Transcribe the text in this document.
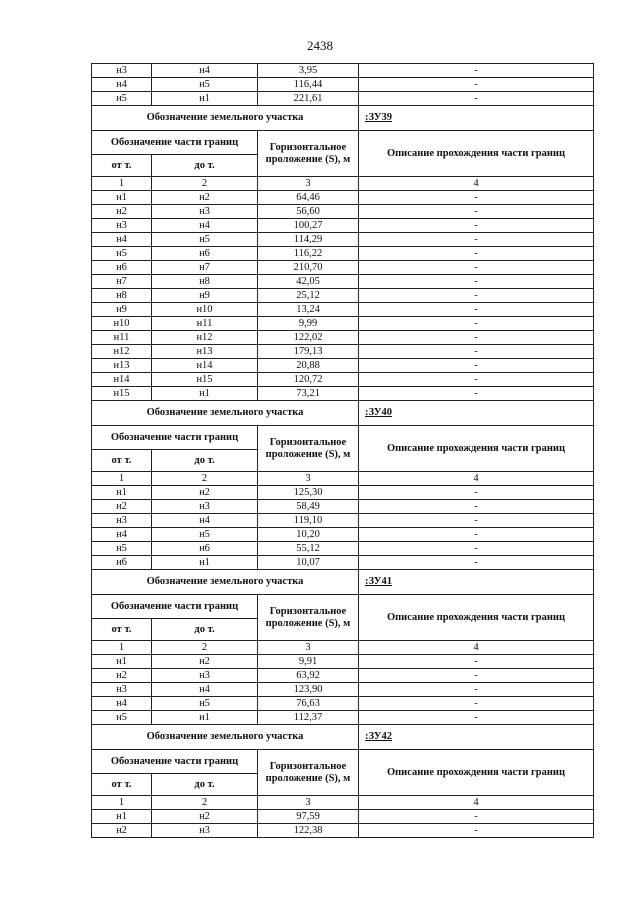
2438
н3	н4	3,95	-
н4	н5	116,44	-
н5	н1	221,61	-
Обозначение земельного участка			:ЗУ39
Обозначение части границ		Горизонтальное проложение (S), м	Описание прохождения части границ
от т.	до т.		
1	2	3	4
н1	н2	64,46	-
н2	н3	56,60	-
н3	н4	100,27	-
н4	н5	114,29	-
н5	н6	116,22	-
н6	н7	210,70	-
н7	н8	42,05	-
н8	н9	25,12	-
н9	н10	13,24	-
н10	н11	9,99	-
н11	н12	122,02	-
н12	н13	179,13	-
н13	н14	20,88	-
н14	н15	120,72	-
н15	н1	73,21	-
Обозначение земельного участка			:ЗУ40
Обозначение части границ		Горизонтальное проложение (S), м	Описание прохождения части границ
от т.	до т.		
1	2	3	4
н1	н2	125,30	-
н2	н3	58,49	-
н3	н4	119,10	-
н4	н5	10,20	-
н5	н6	55,12	-
н6	н1	10,07	-
Обозначение земельного участка			:ЗУ41
Обозначение части границ		Горизонтальное проложение (S), м	Описание прохождения части границ
от т.	до т.		
1	2	3	4
н1	н2	9,91	-
н2	н3	63,92	-
н3	н4	123,90	-
н4	н5	76,63	-
н5	н1	112,37	-
Обозначение земельного участка			:ЗУ42
Обозначение части границ		Горизонтальное проложение (S), м	Описание прохождения части границ
от т.	до т.		
1	2	3	4
н1	н2	97,59	-
н2	н3	122,38	-
